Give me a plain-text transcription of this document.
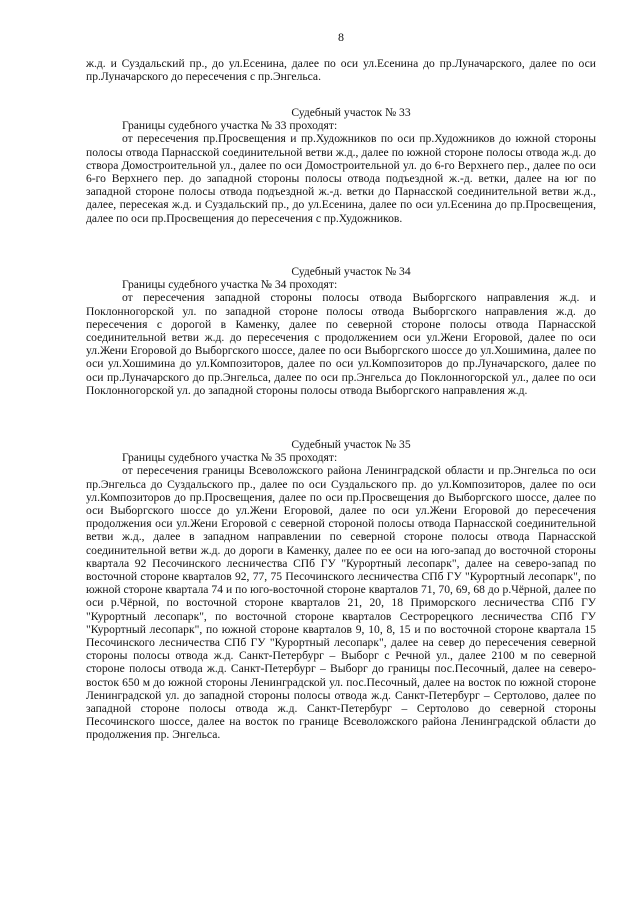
8

ж.д. и Суздальский пр., до ул.Есенина, далее по оси ул.Есенина до пр.Луначарского, далее по оси пр.Луначарского до пересечения с пр.Энгельса.

Судебный участок № 33

Границы судебного участка № 33 проходят:

от пересечения пр.Просвещения и пр.Художников по оси пр.Художников до южной стороны полосы отвода Парнасской соединительной ветви ж.д., далее по южной стороне полосы отвода ж.д. до створа Домостроительной ул., далее по оси Домостроительной ул. до 6-го Верхнего пер., далее по оси 6-го Верхнего пер. до западной стороны полосы отвода подъездной ж.-д. ветки, далее на юг по западной стороне полосы отвода подъездной ж.-д. ветки до Парнасской соединительной ветви ж.д., далее, пересекая ж.д. и Суздальский пр., до ул.Есенина, далее по оси ул.Есенина до пр.Просвещения, далее по оси пр.Просвещения до пересечения с пр.Художников.

Судебный участок № 34

Границы судебного участка № 34 проходят:

от пересечения западной стороны полосы отвода Выборгского направления ж.д. и Поклонногорской ул. по западной стороне полосы отвода Выборгского направления ж.д. до пересечения с дорогой в Каменку, далее по северной стороне полосы отвода Парнасской соединительной ветви ж.д. до пересечения с продолжением оси ул.Жени Егоровой, далее по оси ул.Жени Егоровой до Выборгского шоссе, далее по оси Выборгского шоссе до ул.Хошимина, далее по оси ул.Хошимина до ул.Композиторов, далее по оси ул.Композиторов до пр.Луначарского, далее по оси пр.Луначарского до пр.Энгельса, далее по оси пр.Энгельса до Поклонногорской ул., далее по оси Поклонногорской ул. до западной стороны полосы отвода Выборгского направления ж.д.

Судебный участок № 35

Границы судебного участка № 35 проходят:

от пересечения границы Всеволожского района Ленинградской области и пр.Энгельса по оси пр.Энгельса до Суздальского пр., далее по оси Суздальского пр. до ул.Композиторов, далее по оси ул.Композиторов до пр.Просвещения, далее по оси пр.Просвещения до Выборгского шоссе, далее по оси Выборгского шоссе до ул.Жени Егоровой, далее по оси ул.Жени Егоровой до пересечения продолжения оси ул.Жени Егоровой с северной стороной полосы отвода Парнасской соединительной ветви ж.д., далее в западном направлении по северной стороне полосы отвода Парнасской соединительной ветви ж.д. до дороги в Каменку, далее по ее оси на юго-запад до восточной стороны квартала 92 Песочинского лесничества СПб ГУ "Курортный лесопарк", далее на северо-запад по восточной стороне кварталов 92, 77, 75 Песочинского лесничества СПб ГУ "Курортный лесопарк", по южной стороне квартала 74 и по юго-восточной стороне кварталов 71, 70, 69, 68 до р.Чёрной, далее по оси р.Чёрной, по восточной стороне кварталов 21, 20, 18 Приморского лесничества СПб ГУ "Курортный лесопарк", по восточной стороне кварталов Сестрорецкого лесничества СПб ГУ "Курортный лесопарк", по южной стороне кварталов 9, 10, 8, 15 и по восточной стороне квартала 15 Песочинского лесничества СПб ГУ "Курортный лесопарк", далее на север до пересечения северной стороны полосы отвода ж.д. Санкт-Петербург – Выборг с Речной ул., далее 2100 м по северной стороне полосы отвода ж.д. Санкт-Петербург – Выборг до границы пос.Песочный, далее на северо-восток 650 м до южной стороны Ленинградской ул. пос.Песочный, далее на восток по южной стороне Ленинградской ул. до западной стороны полосы отвода ж.д. Санкт-Петербург – Сертолово, далее по западной стороне полосы отвода ж.д. Санкт-Петербург – Сертолово до северной стороны Песочинского шоссе, далее на восток по границе Всеволожского района Ленинградской области до продолжения пр. Энгельса.
